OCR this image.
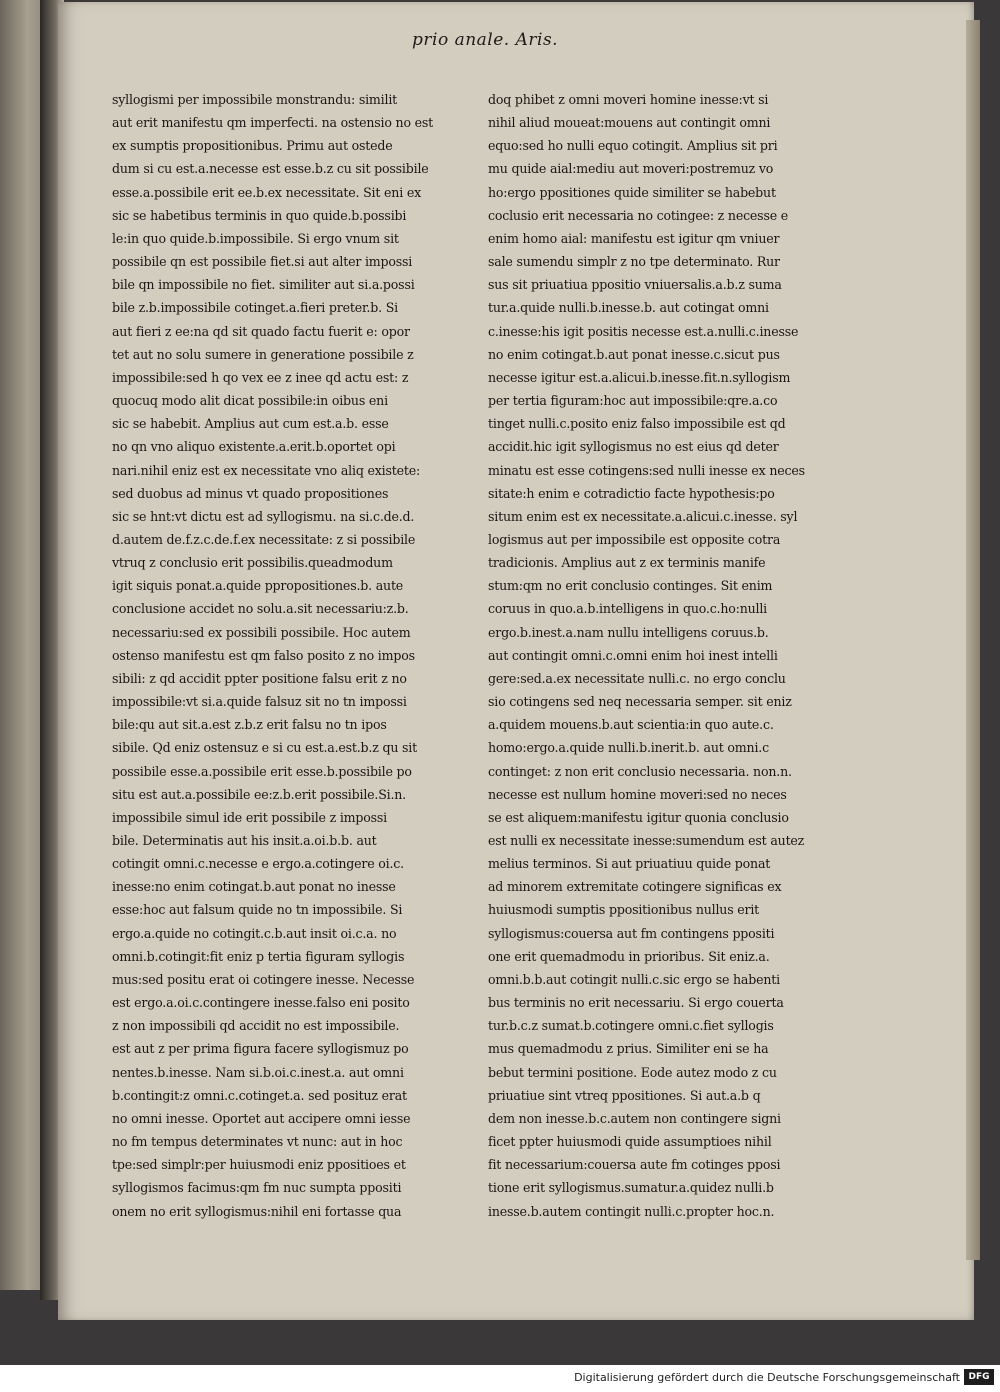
prio anale. Aris.
syllogismi per impossibile monstrandu: similit
aut erit manifestu qm imperfecti. na ostensio no est
ex sumptis propositionibus. Primu aut ostede
dum si cu est.a.necesse est esse.b.z cu sit possibile
esse.a.possibile erit ee.b.ex necessitate. Sit eni ex
sic se habetibus terminis in quo quide.b.possibi
le:in quo quide.b.impossibile. Si ergo vnum sit
possibile qn est possibile fiet.si aut alter impossi
bile qn impossibile no fiet. similiter aut si.a.possi
bile z.b.impossibile cotinget.a.fieri preter.b. Si
aut fieri z ee:na qd sit quado factu fuerit e: opor
tet aut no solu sumere in generatione possibile z
impossibile:sed h qo vex ee z inee qd actu est: z
quocuq modo alit dicat possibile:in oibus eni
sic se habebit. Amplius aut cum est.a.b. esse
no qn vno aliquo existente.a.erit.b.oportet opi
nari.nihil eniz est ex necessitate vno aliq existete:
sed duobus ad minus vt quado propositiones
sic se hnt:vt dictu est ad syllogismu. na si.c.de.d.
d.autem de.f.z.c.de.f.ex necessitate: z si possibile
vtruq z conclusio erit possibilis.queadmodum
igit siquis ponat.a.quide ppropositiones.b. aute
conclusione accidet no solu.a.sit necessariu:z.b.
necessariu:sed ex possibili possibile. Hoc autem
ostenso manifestu est qm falso posito z no impos
sibili: z qd accidit ppter positione falsu erit z no
impossibile:vt si.a.quide falsuz sit no tn impossi
bile:qu aut sit.a.est z.b.z erit falsu no tn ipos
sibile. Qd eniz ostensuz e si cu est.a.est.b.z qu sit
possibile esse.a.possibile erit esse.b.possibile po
situ est aut.a.possibile ee:z.b.erit possibile.Si.n.
impossibile simul ide erit possibile z impossi
bile. Determinatis aut his insit.a.oi.b.b. aut
cotingit omni.c.necesse e ergo.a.cotingere oi.c.
inesse:no enim cotingat.b.aut ponat no inesse
esse:hoc aut falsum quide no tn impossibile. Si
ergo.a.quide no cotingit.c.b.aut insit oi.c.a. no
omni.b.cotingit:fit eniz p tertia figuram syllogis
mus:sed positu erat oi cotingere inesse. Necesse
est ergo.a.oi.c.contingere inesse.falso eni posito
z non impossibili qd accidit no est impossibile.
est aut z per prima figura facere syllogismuz po
nentes.b.inesse. Nam si.b.oi.c.inest.a. aut omni
b.contingit:z omni.c.cotinget.a. sed posituz erat
no omni inesse. Oportet aut accipere omni iesse
no fm tempus determinates vt nunc: aut in hoc
tpe:sed simplr:per huiusmodi eniz ppositioes et
syllogismos facimus:qm fm nuc sumpta ppositi
onem no erit syllogismus:nihil eni fortasse qua
doq phibet z omni moveri homine inesse:vt si
nihil aliud moueat:mouens aut contingit omni
equo:sed ho nulli equo cotingit. Amplius sit pri
mu quide aial:mediu aut moveri:postremuz vo
ho:ergo ppositiones quide similiter se habebut
coclusio erit necessaria no cotingee: z necesse e
enim homo aial: manifestu est igitur qm vniuer
sale sumendu simplr z no tpe determinato. Rur
sus sit priuatiua ppositio vniuersalis.a.b.z suma
tur.a.quide nulli.b.inesse.b. aut cotingat omni
c.inesse:his igit positis necesse est.a.nulli.c.inesse
no enim cotingat.b.aut ponat inesse.c.sicut pus
necesse igitur est.a.alicui.b.inesse.fit.n.syllogism
per tertia figuram:hoc aut impossibile:qre.a.co
tinget nulli.c.posito eniz falso impossibile est qd
accidit.hic igit syllogismus no est eius qd deter
minatu est esse cotingens:sed nulli inesse ex neces
sitate:h enim e cotradictio facte hypothesis:po
situm enim est ex necessitate.a.alicui.c.inesse. syl
logismus aut per impossibile est opposite cotra
tradicionis. Amplius aut z ex terminis manife
stum:qm no erit conclusio continges. Sit enim
coruus in quo.a.b.intelligens in quo.c.ho:nulli
ergo.b.inest.a.nam nullu intelligens coruus.b.
aut contingit omni.c.omni enim hoi inest intelli
gere:sed.a.ex necessitate nulli.c. no ergo conclu
sio cotingens sed neq necessaria semper. sit eniz
a.quidem mouens.b.aut scientia:in quo aute.c.
homo:ergo.a.quide nulli.b.inerit.b. aut omni.c
continget: z non erit conclusio necessaria. non.n.
necesse est nullum homine moveri:sed no neces
se est aliquem:manifestu igitur quonia conclusio
est nulli ex necessitate inesse:sumendum est autez
melius terminos. Si aut priuatiuu quide ponat
ad minorem extremitate cotingere significas ex
huiusmodi sumptis ppositionibus nullus erit
syllogismus:couersa aut fm contingens ppositi
one erit quemadmodu in prioribus. Sit eniz.a.
omni.b.b.aut cotingit nulli.c.sic ergo se habenti
bus terminis no erit necessariu. Si ergo couerta
tur.b.c.z sumat.b.cotingere omni.c.fiet syllogis
mus quemadmodu z prius. Similiter eni se ha
bebut termini positione. Eode autez modo z cu
priuatiue sint vtreq ppositiones. Si aut.a.b q
dem non inesse.b.c.autem non contingere signi
ficet ppter huiusmodi quide assumptioes nihil
fit necessarium:couersa aute fm cotinges pposi
tione erit syllogismus.sumatur.a.quidez nulli.b
inesse.b.autem contingit nulli.c.propter hoc.n.
Digitalisierung gefördert durch die Deutsche Forschungsgemeinschaft DFG
